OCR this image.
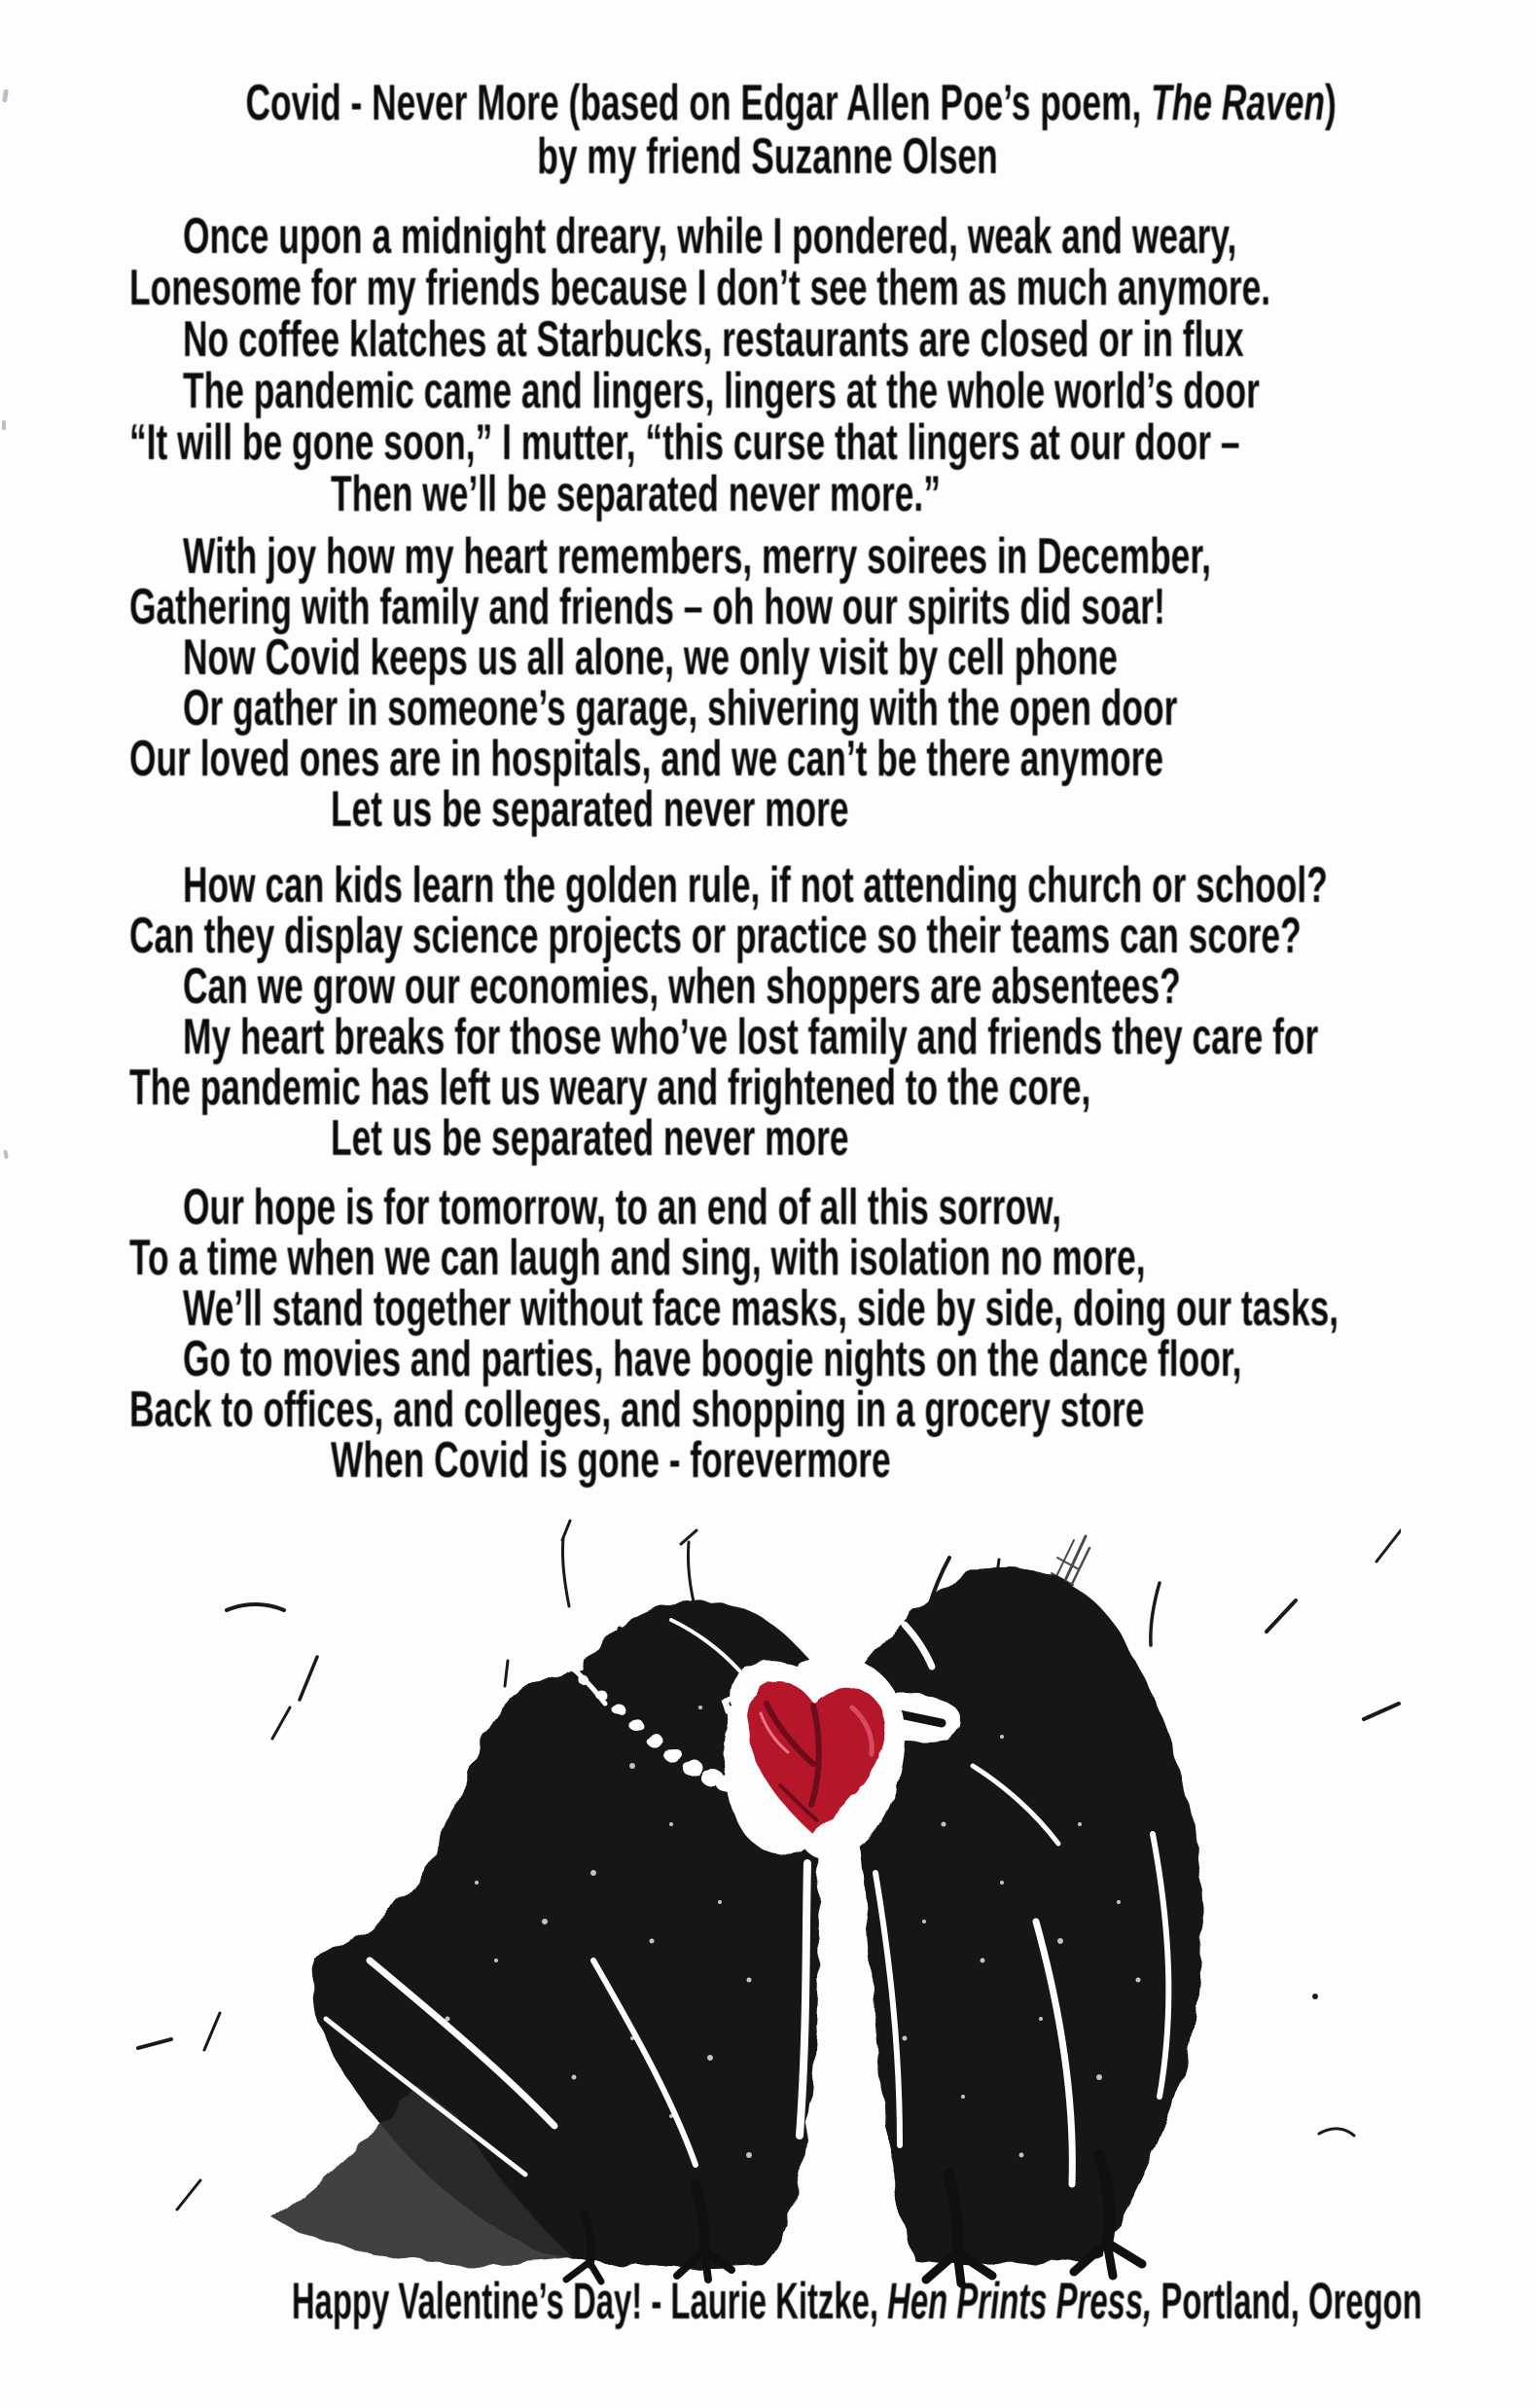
Covid - Never More (based on Edgar Allen Poe’s poem, The Raven)
by my friend Suzanne Olsen
Once upon a midnight dreary, while I pondered, weak and weary,
Lonesome for my friends because I don’t see them as much anymore.
No coffee klatches at Starbucks, restaurants are closed or in flux
The pandemic came and lingers, lingers at the whole world’s door
“It will be gone soon,” I mutter, “this curse that lingers at our door –
Then we’ll be separated never more.”
With joy how my heart remembers, merry soirees in December,
Gathering with family and friends – oh how our spirits did soar!
Now Covid keeps us all alone, we only visit by cell phone
Or gather in someone’s garage, shivering with the open door
Our loved ones are in hospitals, and we can’t be there anymore
Let us be separated never more
How can kids learn the golden rule, if not attending church or school?
Can they display science projects or practice so their teams can score?
Can we grow our economies, when shoppers are absentees?
My heart breaks for those who’ve lost family and friends they care for
The pandemic has left us weary and frightened to the core,
Let us be separated never more
Our hope is for tomorrow, to an end of all this sorrow,
To a time when we can laugh and sing, with isolation no more,
We’ll stand together without face masks, side by side, doing our tasks,
Go to movies and parties, have boogie nights on the dance floor,
Back to offices, and colleges, and shopping in a grocery store
When Covid is gone - forevermore
Happy Valentine’s Day! - Laurie Kitzke, Hen Prints Press, Portland, Oregon
